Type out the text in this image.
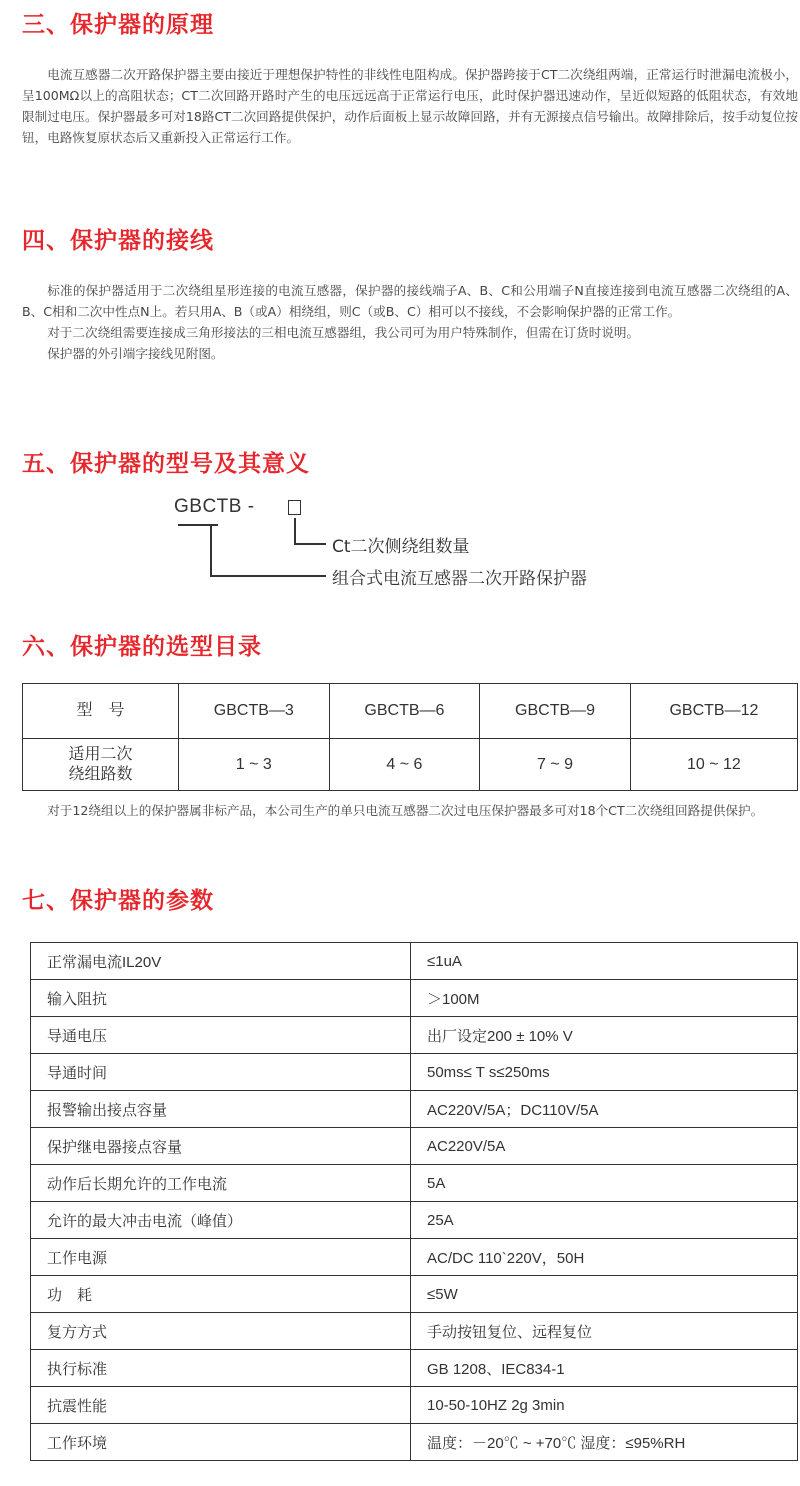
三、保护器的原理

电流互感器二次开路保护器主要由接近于理想保护特性的非线性电阻构成。保护器跨接于CT二次绕组两端，正常运行时泄漏电流极小，呈100MΩ以上的高阻状态；CT二次回路开路时产生的电压远远高于正常运行电压，此时保护器迅速动作，呈近似短路的低阻状态，有效地限制过电压。保护器最多可对18路CT二次回路提供保护，动作后面板上显示故障回路，并有无源接点信号输出。故障排除后，按手动复位按钮，电路恢复原状态后又重新投入正常运行工作。

四、保护器的接线

标准的保护器适用于二次绕组星形连接的电流互感器，保护器的接线端子A、B、C和公用端子N直接连接到电流互感器二次绕组的A、B、C相和二次中性点N上。若只用A、B（或A）相绕组，则C（或B、C）相可以不接线，不会影响保护器的正常工作。

对于二次绕组需要连接成三角形接法的三相电流互感器组，我公司可为用户特殊制作，但需在订货时说明。

保护器的外引端字接线见附图。

五、保护器的型号及其意义
GBCTB -
Ct二次侧绕组数量
组合式电流互感器二次开路保护器
六、保护器的选型目录
型　号	GBCTB—3	GBCTB—6	GBCTB—9	GBCTB—12

适用二次
绕组路数	1 ~ 3	4 ~ 6	7 ~ 9	10 ~ 12

对于12绕组以上的保护器属非标产品，本公司生产的单只电流互感器二次过电压保护器最多可对18个CT二次绕组回路提供保护。

七、保护器的参数
正常漏电流IL20V	≤1uA
输入阻抗	＞100M
导通电压	出厂设定200 ± 10% V
导通时间	50ms≤ T s≤250ms
报警输出接点容量	AC220V/5A；DC110V/5A
保护继电器接点容量	AC220V/5A
动作后长期允许的工作电流	5A
允许的最大冲击电流（峰值）	25A
工作电源	AC/DC 110`220V，50H
功　耗	≤5W
复方方式	手动按钮复位、远程复位
执行标准	GB 1208、IEC834-1
抗震性能	10-50-10HZ 2g 3min
工作环境	温度：－20℃ ~ +70℃ 湿度：≤95%RH
